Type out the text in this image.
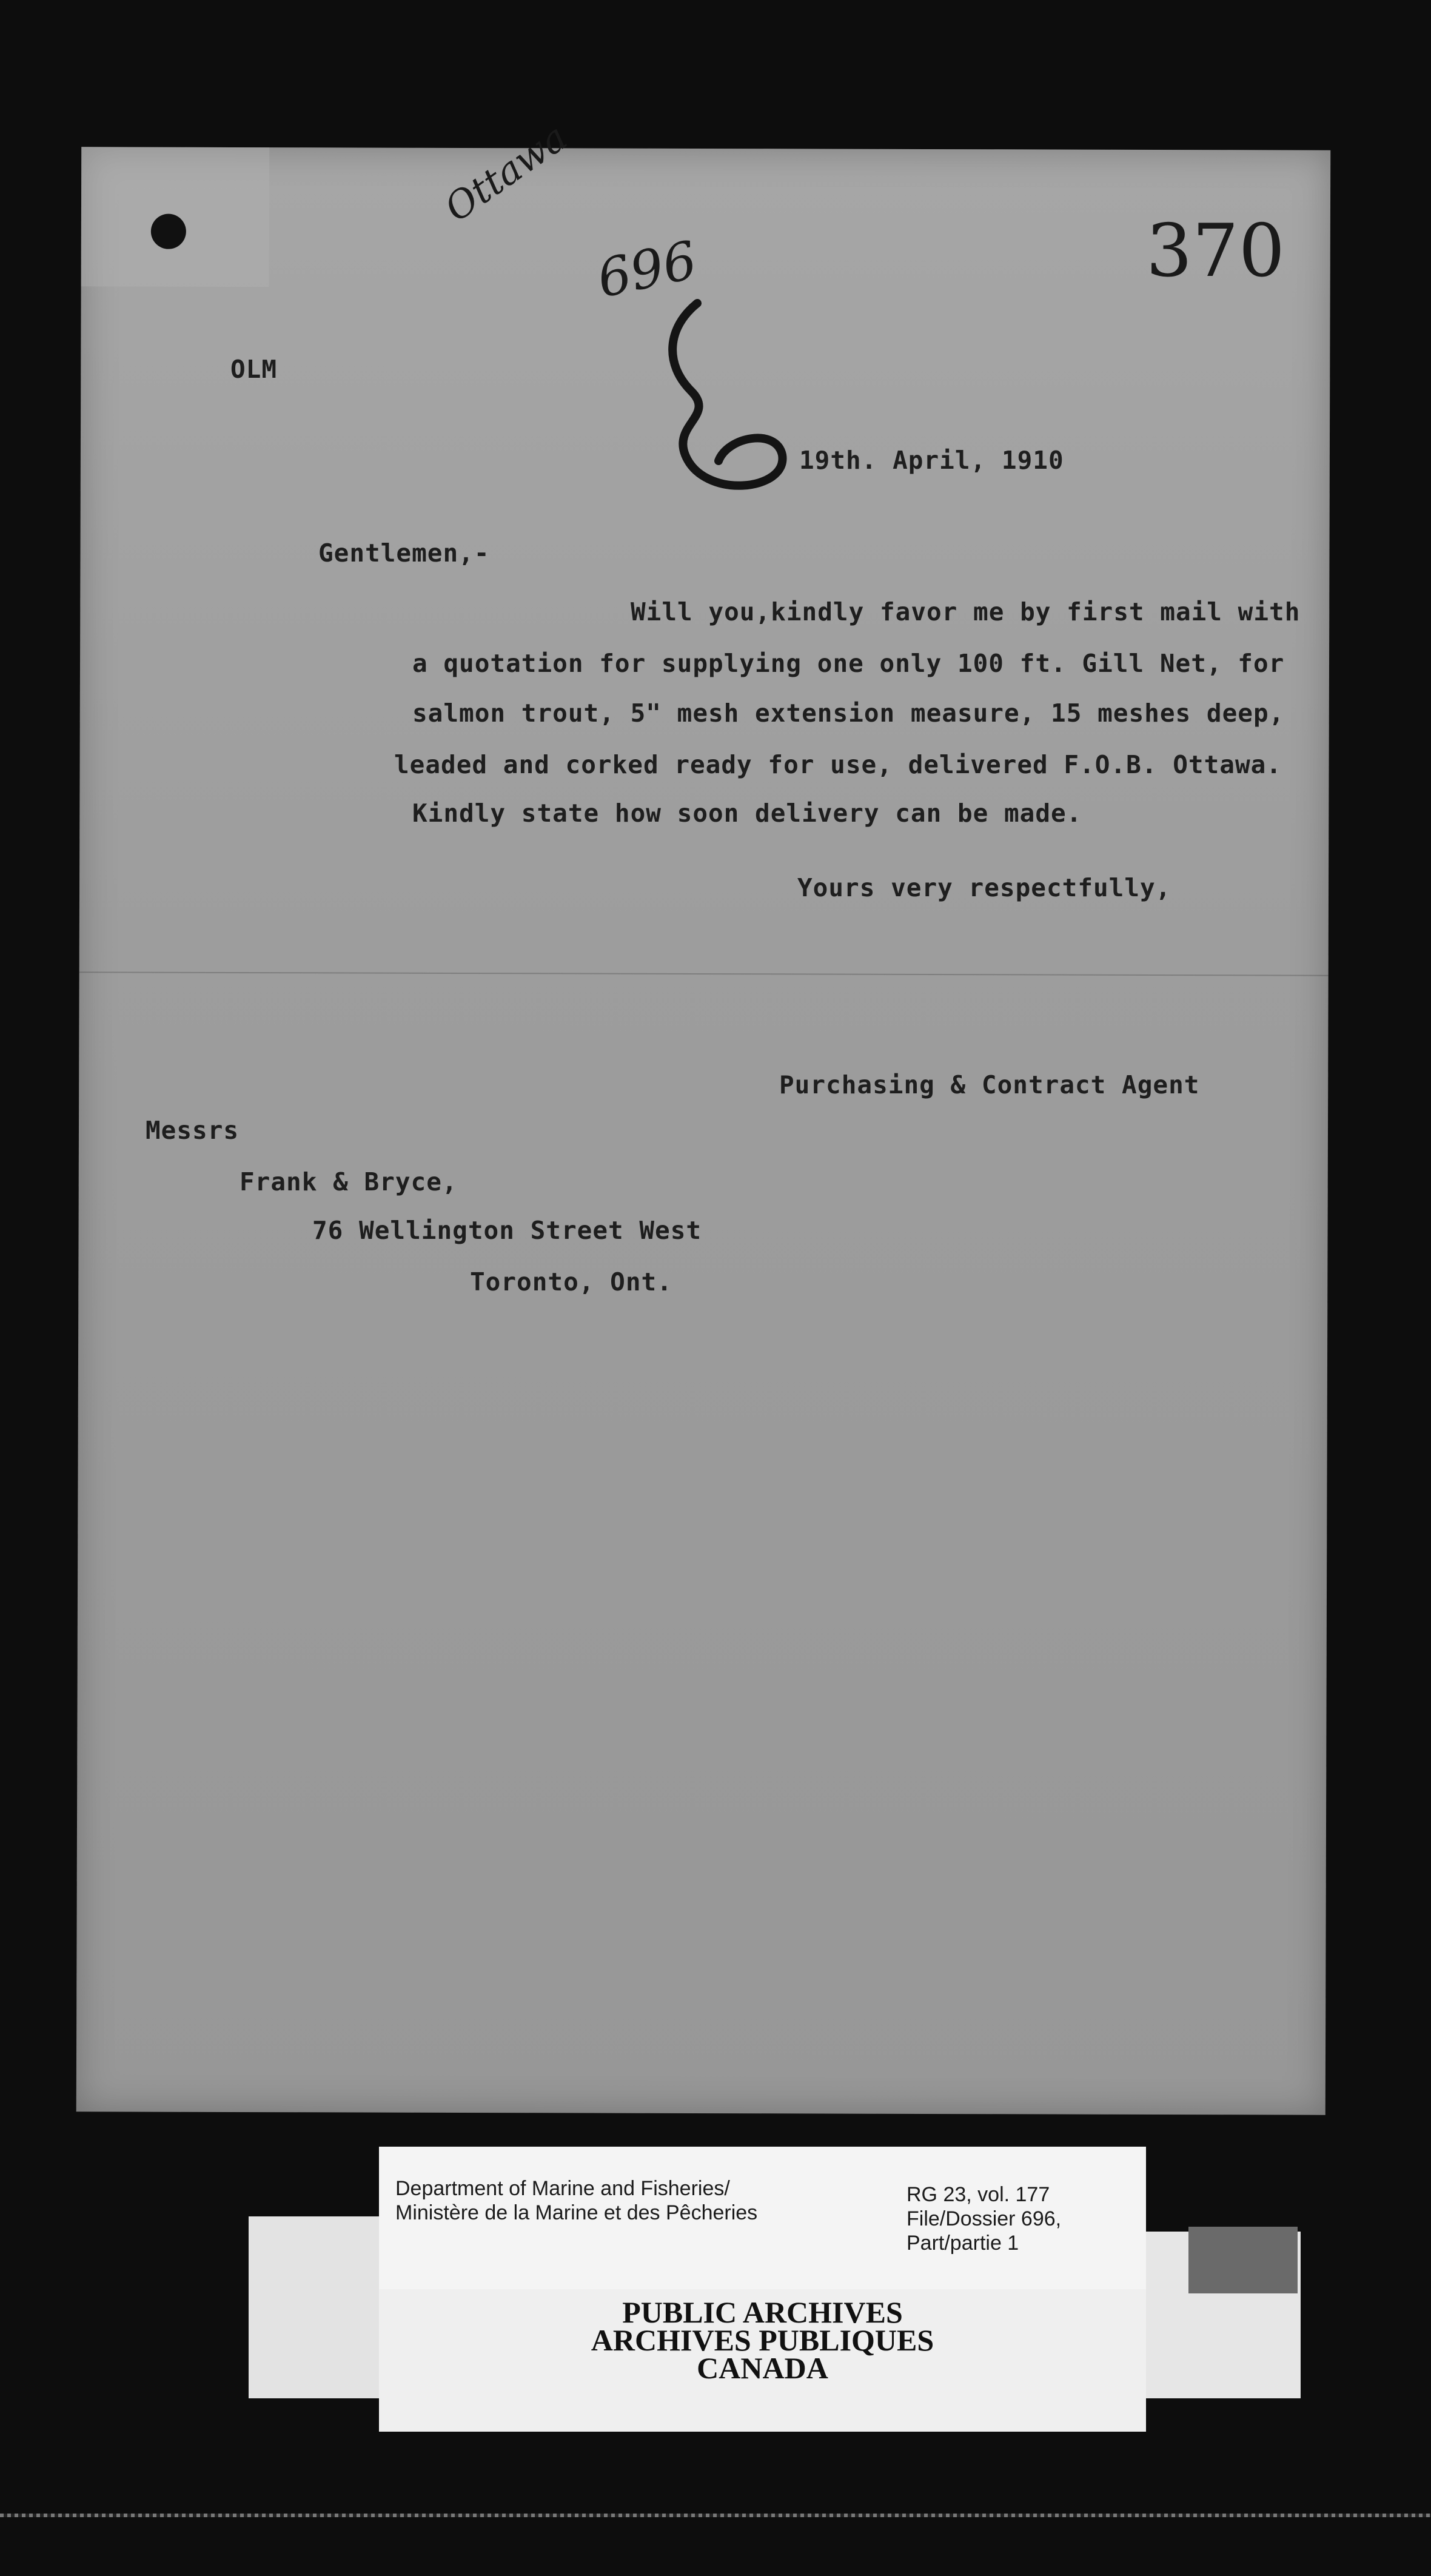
Ottawa
696	370
OLM
19th. April, 1910
Gentlemen,-
Will you,kindly favor me by first mail with
a quotation for supplying one only 100 ft. Gill Net, for
salmon trout, 5" mesh extension measure, 15 meshes deep,
leaded and corked ready for use, delivered F.O.B. Ottawa.
Kindly state how soon delivery can be made.
Yours very respectfully,
Purchasing & Contract Agent
Messrs
Frank & Bryce,
76 Wellington Street West
Toronto, Ont.
Department of Marine and Fisheries/
Ministère de la Marine et des Pêcheries
RG 23, vol. 177
File/Dossier 696,
Part/partie 1
PUBLIC ARCHIVES
ARCHIVES PUBLIQUES
CANADA
